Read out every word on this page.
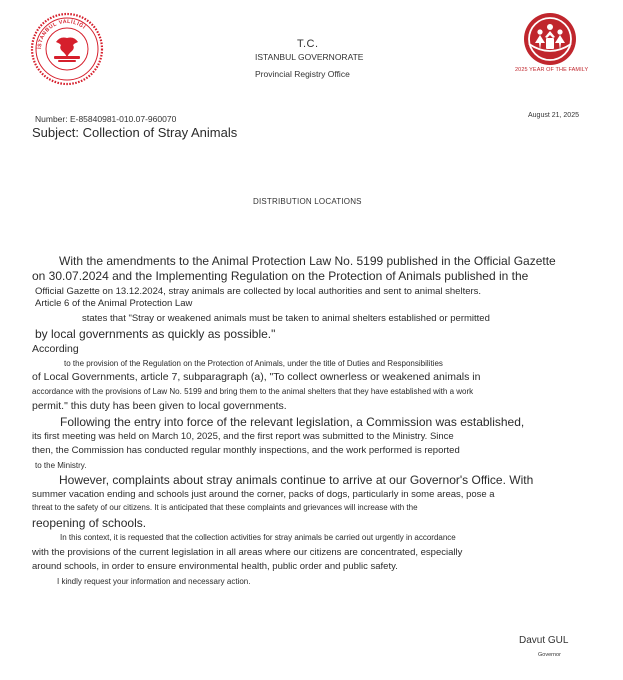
İSTANBUL VALİLİĞİ
2025 YEAR OF THE FAMILY
T.C.
ISTANBUL GOVERNORATE
Provincial Registry Office
Number: E-85840981-010.07-960070	August 21, 2025
Subject: Collection of Stray Animals
DISTRIBUTION LOCATIONS
With the amendments to the Animal Protection Law No. 5199 published in the Official Gazette
on 30.07.2024 and the Implementing Regulation on the Protection of Animals published in the
Official Gazette on 13.12.2024, stray animals are collected by local authorities and sent to animal shelters.
Article 6 of the Animal Protection Law
states that "Stray or weakened animals must be taken to animal shelters established or permitted
by local governments as quickly as possible."
According
to the provision of the Regulation on the Protection of Animals, under the title of Duties and Responsibilities
of Local Governments, article 7, subparagraph (a), "To collect ownerless or weakened animals in
accordance with the provisions of Law No. 5199 and bring them to the animal shelters that they have established with a work
permit." this duty has been given to local governments.
Following the entry into force of the relevant legislation, a Commission was established,
its first meeting was held on March 10, 2025, and the first report was submitted to the Ministry. Since
then, the Commission has conducted regular monthly inspections, and the work performed is reported
to the Ministry.
However, complaints about stray animals continue to arrive at our Governor's Office. With
summer vacation ending and schools just around the corner, packs of dogs, particularly in some areas, pose a
threat to the safety of our citizens. It is anticipated that these complaints and grievances will increase with the
reopening of schools.
In this context, it is requested that the collection activities for stray animals be carried out urgently in accordance
with the provisions of the current legislation in all areas where our citizens are concentrated, especially
around schools, in order to ensure environmental health, public order and public safety.
I kindly request your information and necessary action.
Davut GUL
Governor
